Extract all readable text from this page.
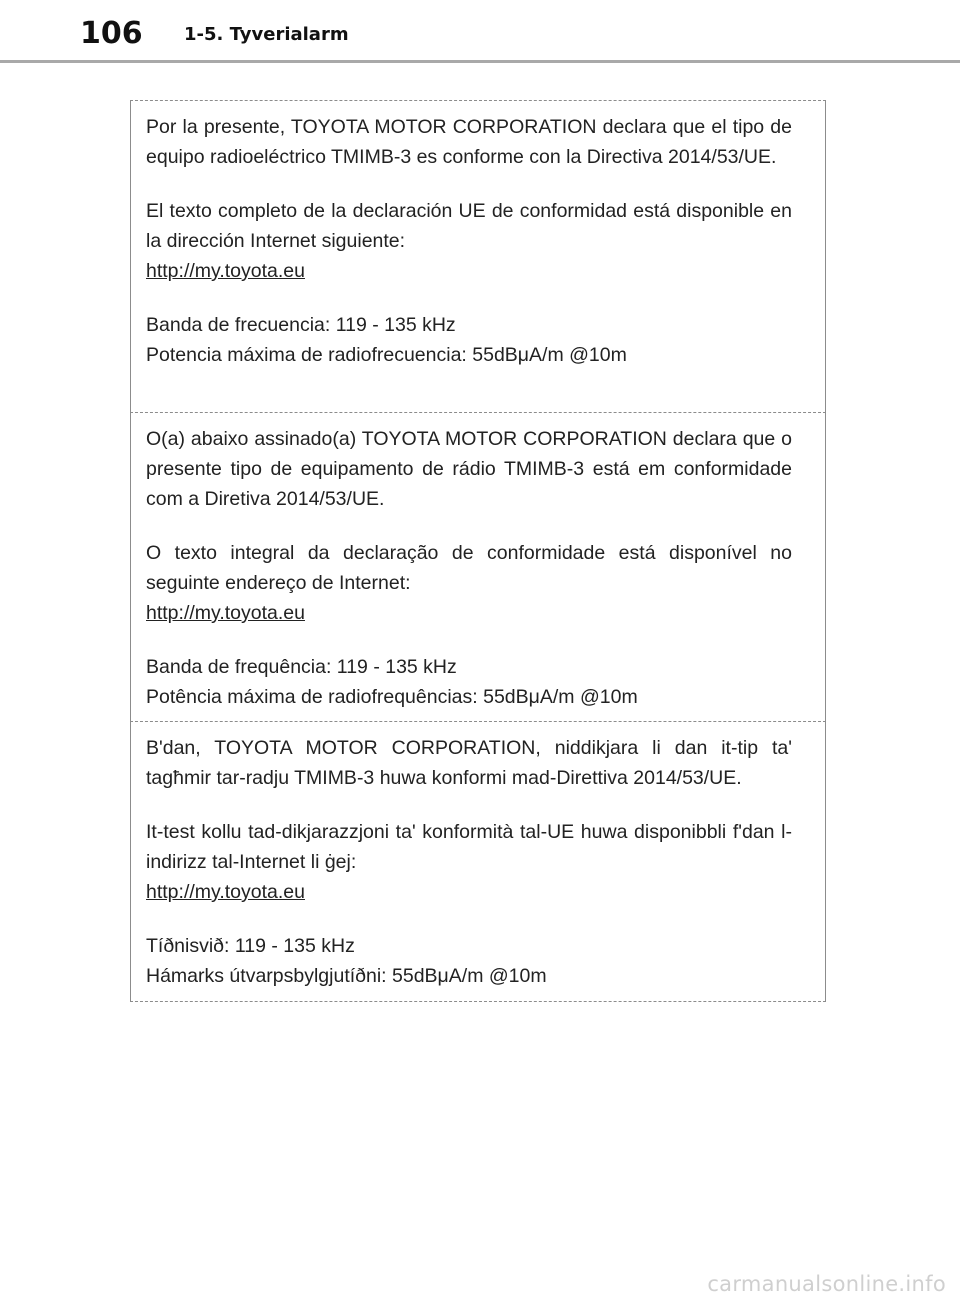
106 1-5. Tyverialarm

Por la presente, TOYOTA MOTOR CORPORATION declara que el tipo de equipo radioeléctrico TMIMB-3 es conforme con la Directiva 2014/53/UE.

El texto completo de la declaración UE de conformidad está disponible en la dirección Internet siguiente:

http://my.toyota.eu

Banda de frecuencia: 119 - 135 kHz

Potencia máxima de radiofrecuencia: 55dBμA/m @10m

O(a) abaixo assinado(a) TOYOTA MOTOR CORPORATION declara que o presente tipo de equipamento de rádio TMIMB-3 está em conformidade com a Diretiva 2014/53/UE.

O texto integral da declaração de conformidade está disponível no seguinte endereço de Internet:

http://my.toyota.eu

Banda de frequência: 119 - 135 kHz

Potência máxima de radiofrequências: 55dBμA/m @10m

B'dan, TOYOTA MOTOR CORPORATION, niddikjara li dan it-tip ta' tagħmir tar-radju TMIMB-3 huwa konformi mad-Direttiva 2014/53/UE.

It-test kollu tad-dikjarazzjoni ta' konformità tal-UE huwa disponibbli f'dan l-indirizz tal-Internet li ġej:

http://my.toyota.eu

Tíðnisvið: 119 - 135 kHz

Hámarks útvarpsbylgjutíðni: 55dBμA/m @10m

carmanualsonline.info
